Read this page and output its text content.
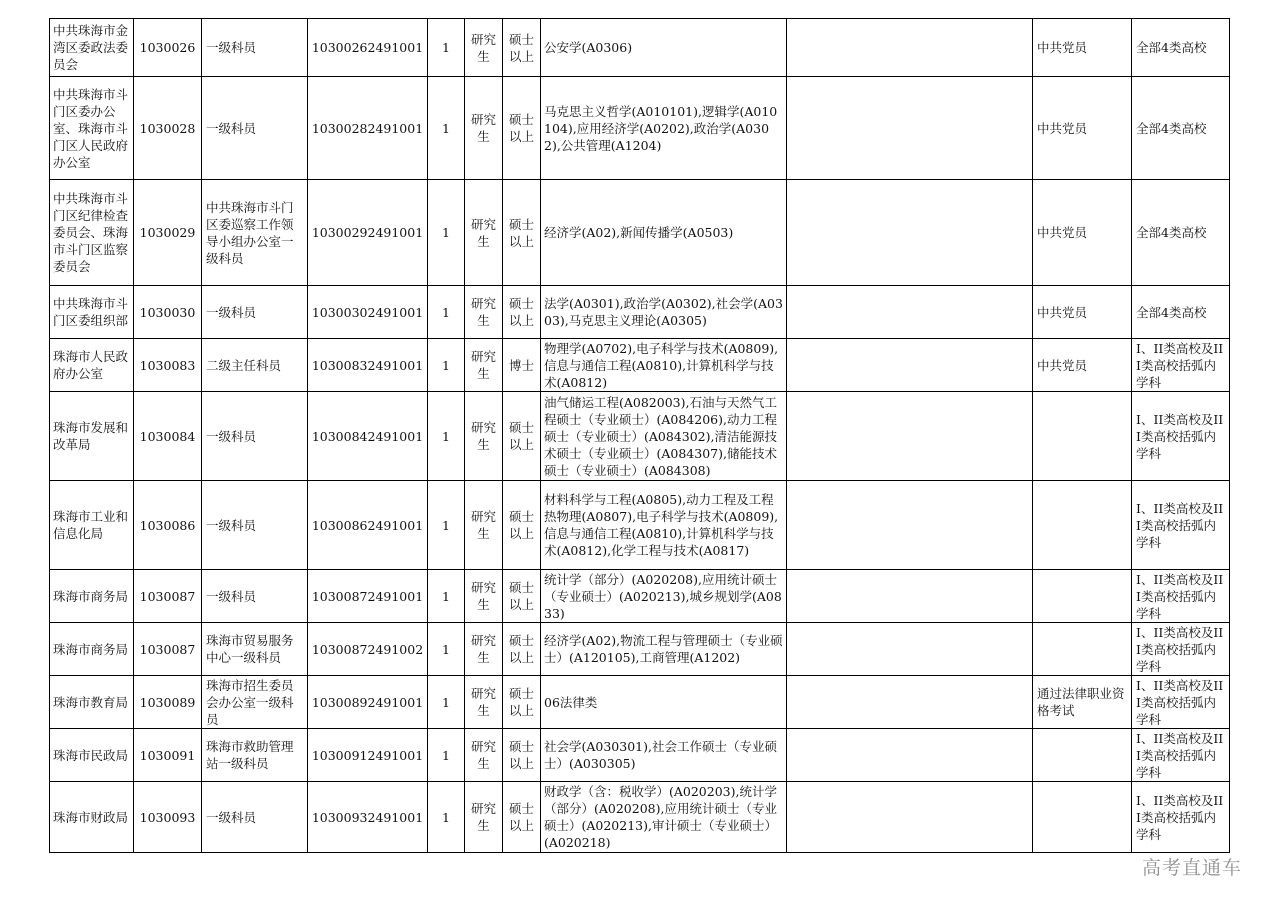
中共珠海市金湾区委政法委员会	1030026	一级科员	10300262491001	1	研究生	硕士以上	公安学(A0306)		中共党员	全部4类高校
中共珠海市斗门区委办公室、珠海市斗门区人民政府办公室	1030028	一级科员	10300282491001	1	研究生	硕士以上	马克思主义哲学(A010101),逻辑学(A010104),应用经济学(A0202),政治学(A0302),公共管理(A1204)		中共党员	全部4类高校
中共珠海市斗门区纪律检查委员会、珠海市斗门区监察委员会	1030029	中共珠海市斗门区委巡察工作领导小组办公室一级科员	10300292491001	1	研究生	硕士以上	经济学(A02),新闻传播学(A0503)		中共党员	全部4类高校
中共珠海市斗门区委组织部	1030030	一级科员	10300302491001	1	研究生	硕士以上	法学(A0301),政治学(A0302),社会学(A0303),马克思主义理论(A0305)		中共党员	全部4类高校
珠海市人民政府办公室	1030083	二级主任科员	10300832491001	1	研究生	博士	物理学(A0702),电子科学与技术(A0809),信息与通信工程(A0810),计算机科学与技术(A0812)		中共党员	I、II类高校及III类高校括弧内学科
珠海市发展和改革局	1030084	一级科员	10300842491001	1	研究生	硕士以上	油气储运工程(A082003),石油与天然气工程硕士（专业硕士）(A084206),动力工程硕士（专业硕士）(A084302),清洁能源技术硕士（专业硕士）(A084307),储能技术硕士（专业硕士）(A084308)			I、II类高校及III类高校括弧内学科
珠海市工业和信息化局	1030086	一级科员	10300862491001	1	研究生	硕士以上	材料科学与工程(A0805),动力工程及工程热物理(A0807),电子科学与技术(A0809),信息与通信工程(A0810),计算机科学与技术(A0812),化学工程与技术(A0817)			I、II类高校及III类高校括弧内学科
珠海市商务局	1030087	一级科员	10300872491001	1	研究生	硕士以上	统计学（部分）(A020208),应用统计硕士（专业硕士）(A020213),城乡规划学(A0833)			I、II类高校及III类高校括弧内学科
珠海市商务局	1030087	珠海市贸易服务中心一级科员	10300872491002	1	研究生	硕士以上	经济学(A02),物流工程与管理硕士（专业硕士）(A120105),工商管理(A1202)			I、II类高校及III类高校括弧内学科
珠海市教育局	1030089	珠海市招生委员会办公室一级科员	10300892491001	1	研究生	硕士以上	06法律类		通过法律职业资格考试	I、II类高校及III类高校括弧内学科
珠海市民政局	1030091	珠海市救助管理站一级科员	10300912491001	1	研究生	硕士以上	社会学(A030301),社会工作硕士（专业硕士）(A030305)			I、II类高校及III类高校括弧内学科
珠海市财政局	1030093	一级科员	10300932491001	1	研究生	硕士以上	财政学（含：税收学）(A020203),统计学（部分）(A020208),应用统计硕士（专业硕士）(A020213),审计硕士（专业硕士）(A020218)			I、II类高校及III类高校括弧内学科
高考直通车
